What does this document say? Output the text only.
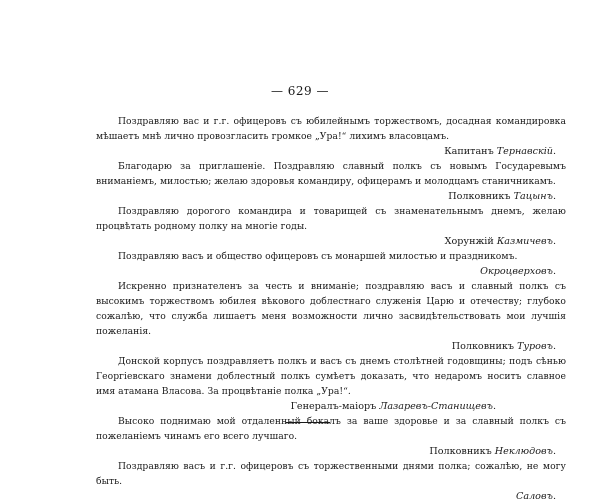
— 629 —

Поздравляю вас и г.г. офицеровъ съ юбилейнымъ торжествомъ, досадная командировка мѣшаетъ мнѣ лично провозгласить громкое „Ура!“ лихимъ власовцамъ.

Капитанъ Тернавскій.

Благодарю за приглашеніе. Поздравляю славный полкъ съ новымъ Государевымъ вниманіемъ, милостью; желаю здоровья командиру, офицерамъ и молодцамъ станичникамъ.

Полковникъ Тацынъ.

Поздравляю дорогого командира и товарищей съ знаменательнымъ днемъ, желаю процвѣтать родному полку на многіе годы.

Хорунжій Казмичевъ.

Поздравляю васъ и общество офицеровъ съ монаршей милостью и праздникомъ.

Окроцверховъ.

Искренно признателенъ за честь и вниманіе; поздравляю васъ и славный полкъ съ высокимъ торжествомъ юбилея вѣкового доблестнаго служенія Царю и отечеству; глубоко сожалѣю, что служба лишаетъ меня возможности лично засвидѣтельствовать мои лучшія пожеланія.

Полковникъ Туровъ.

Донской корпусъ поздравляетъ полкъ и васъ съ днемъ столѣтней годовщины; подъ сѣнью Георгіевскаго знамени доблестный полкъ сумѣетъ доказать, что недаромъ носитъ славное имя атамана Власова. За процвѣтаніе полка „Ура!“.

Генералъ-маіоръ Лазаревъ-Станищевъ.

Высоко поднимаю мой отдаленный бокалъ за ваше здоровье и за славный полкъ съ пожеланіемъ чинамъ его всего лучшаго.

Полковникъ Неклюдовъ.

Поздравляю васъ и г.г. офицеровъ съ торжественными днями полка; сожалѣю, не могу быть.

Саловъ.
